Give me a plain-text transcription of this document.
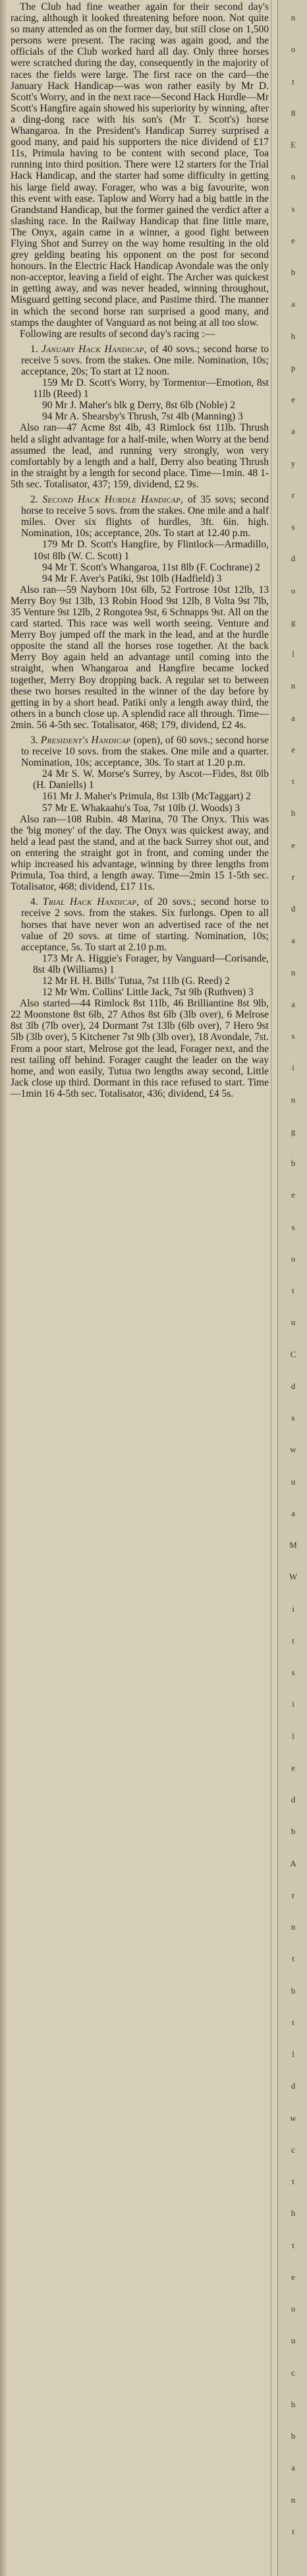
n
o
t
8
E
n
s
e
b
a
h
p
e
a
y
r
s
d
o
g
l
n
a
e
t
h
e
r
d
a
n
a
s
i
n
g
b
e
s
o
t
u
C
d
s
w
u
a
M
W
i
t
s
i
l
e
d
b
A
r
n
t
b
t
l
d
w
c
t
h
t
e
o
u
c
h
b
a
n
t

The Club had fine weather again for their second day's racing, although it looked threatening before noon. Not quite so many attended as on the former day, but still close on 1,500 persons were present. The racing was again good, and the officials of the Club worked hard all day. Only three horses were scratched during the day, consequently in the majority of races the fields were large. The first race on the card—the January Hack Handicap—was won rather easily by Mr D. Scott's Worry, and in the next race—Second Hack Hurdle—Mr Scott's Hangfire again showed his superiority by winning, after a ding-dong race with his son's (Mr T. Scott's) horse Whangaroa. In the President's Handicap Surrey surprised a good many, and paid his supporters the nice dividend of £17 11s, Primula having to be content with second place, Toa running into third position. There were 12 starters for the Trial Hack Handicap, and the starter had some difficulty in getting his large field away. Forager, who was a big favourite, won this event with ease. Taplow and Worry had a big battle in the Grandstand Handicap, but the former gained the verdict after a slashing race. In the Railway Handicap that fine little mare, The Onyx, again came in a winner, a good fight between Flying Shot and Surrey on the way home resulting in the old grey gelding beating his opponent on the post for second honours. In the Electric Hack Handicap Avondale was the only non-acceptor, leaving a field of eight. The Archer was quickest in getting away, and was never headed, winning throughout, Misguard getting second place, and Pastime third. The manner in which the second horse ran surprised a good many, and stamps the daughter of Vanguard as not being at all too slow.

Following are results of second day's racing :—

1. January Hack Handicap, of 40 sovs.; second horse to receive 5 sovs. from the stakes. One mile. Nomination, 10s; acceptance, 20s; To start at 12 noon.

159 Mr D. Scott's Worry, by Tormentor—Emotion, 8st 11lb (Reed) 1

90 Mr J. Maher's blk g Derry, 8st 6lb (Noble) 2

94 Mr A. Shearsby's Thrush, 7st 4lb (Manning) 3

Also ran—47 Acme 8st 4lb, 43 Rimlock 6st 11lb. Thrush held a slight advantage for a half-mile, when Worry at the bend assumed the lead, and running very strongly, won very comfortably by a length and a half, Derry also beating Thrush in the straight by a length for second place. Time—1min. 48 1-5th sec. Totalisator, 437; 159, dividend, £2 9s.

2. Second Hack Hurdle Handicap, of 35 sovs; second horse to receive 5 sovs. from the stakes. One mile and a half miles. Over six flights of hurdles, 3ft. 6in. high. Nomination, 10s; acceptance, 20s. To start at 12.40 p.m.

179 Mr D. Scott's Hangfire, by Flintlock—Armadillo, 10st 8lb (W. C. Scott) 1

94 Mr T. Scott's Whangaroa, 11st 8lb (F. Cochrane) 2

94 Mr F. Aver's Patiki, 9st 10lb (Hadfield) 3

Also ran—59 Nayborn 10st 6lb, 52 Fortrose 10st 12lb, 13 Merry Boy 9st 13lb, 13 Robin Hood 9st 12lb, 8 Volta 9st 7lb, 35 Venture 9st 12lb, 2 Rongotea 9st, 6 Schnapps 9st. All on the card started. This race was well worth seeing. Venture and Merry Boy jumped off the mark in the lead, and at the hurdle opposite the stand all the horses rose together. At the back Merry Boy again held an advantage until coming into the straight, when Whangaroa and Hangfire became locked together, Merry Boy dropping back. A regular set to between these two horses resulted in the winner of the day before by getting in by a short head. Patiki only a length away third, the others in a bunch close up. A splendid race all through. Time—2min. 56 4-5th sec. Totalisator, 468; 179, dividend, £2 4s.

3. President's Handicap (open), of 60 sovs.; second horse to receive 10 sovs. from the stakes. One mile and a quarter. Nomination, 10s; acceptance, 30s. To start at 1.20 p.m.

24 Mr S. W. Morse's Surrey, by Ascot—Fides, 8st 0lb (H. Daniells) 1

161 Mr J. Maher's Primula, 8st 13lb (McTaggart) 2

57 Mr E. Whakaahu's Toa, 7st 10lb (J. Woods) 3

Also ran—108 Rubin. 48 Marina, 70 The Onyx. This was the 'big money' of the day. The Onyx was quickest away, and held a lead past the stand, and at the back Surrey shot out, and on entering the straight got in front, and coming under the whip increased his advantage, winning by three lengths from Primula, Toa third, a length away. Time—2min 15 1-5th sec. Totalisator, 468; dividend, £17 11s.

4. Trial Hack Handicap, of 20 sovs.; second horse to receive 2 sovs. from the stakes. Six furlongs. Open to all horses that have never won an advertised race of the net value of 20 sovs. at time of starting. Nomination, 10s; acceptance, 5s. To start at 2.10 p.m.

173 Mr A. Higgie's Forager, by Vanguard—Corisande, 8st 4lb (Williams) 1

12 Mr H. H. Bills' Tutua, 7st 11lb (G. Reed) 2

12 Mr Wm. Collins' Little Jack, 7st 9lb (Ruthven) 3

Also started—44 Rimlock 8st 11lb, 46 Brilliantine 8st 9lb, 22 Moonstone 8st 6lb, 27 Athos 8st 6lb (3lb over), 6 Melrose 8st 3lb (7lb over), 24 Dormant 7st 13lb (6lb over), 7 Hero 9st 5lb (3lb over), 5 Kitchener 7st 9lb (3lb over), 18 Avondale, 7st. From a poor start, Melrose got the lead, Forager next, and the rest tailing off behind. Forager caught the leader on the way home, and won easily, Tutua two lengths away second, Little Jack close up third. Dormant in this race refused to start. Time—1min 16 4-5th sec. Totalisator, 436; dividend, £4 5s.
